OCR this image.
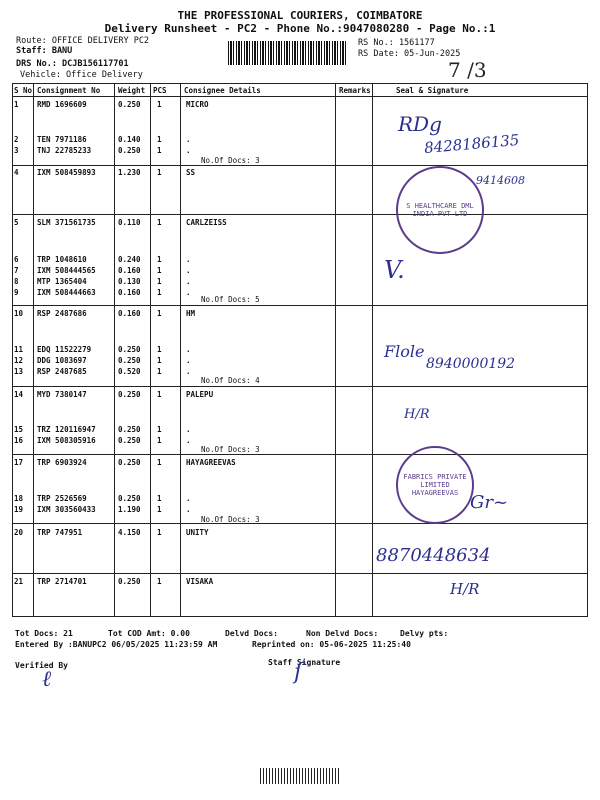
THE PROFESSIONAL COURIERS, COIMBATORE
Delivery Runsheet - PC2 - Phone No.:9047080280 - Page No.:1
Route: OFFICE DELIVERY PC2
Staff: BANU
DRS No.: DCJB156117701
Vehicle: Office Delivery
RS No.: 1561177
RS Date: 05-Jun-2025
7 /3
S No Consignment No Weight PCS Consignee Details	Remarks	Seal & Signature
1 RMD 1696609	0.250 1	MICRO
2 TEN 7971186	0.140 1	.
3 TNJ 22785233	0.250 1	.
4 IXM 508459893	1.230 1	SS
5 SLM 371561735	0.110 1	CARLZEISS
6 TRP 1048610	0.240 1	.
7 IXM 508444565	0.160 1	.
8 MTP 1365404	0.130 1	.
9 IXM 508444663	0.160 1	.
10 RSP 2487686	0.160 1	HM
11 EDQ 11522279	0.250 1	.
12 DDG 1083697	0.250 1	.
13 RSP 2487685	0.520 1	.
14 MYD 7380147	0.250 1	PALEPU
15 TRZ 120116947	0.250 1	.
16 IXM 508305916	0.250 1	.
17 TRP 6903924	0.250 1	HAYAGREEVAS
18 TRP 2526569	0.250 1	.
19 IXM 303560433	1.190 1	.
20 TRP 747951	4.150 1	UNITY
21 TRP 2714701	0.250 1	VISAKA
No.Of Docs: 3
No.Of Docs: 5
No.Of Docs: 4
No.Of Docs: 3
No.Of Docs: 3
RDg
8428186135
S HEALTHCARE DML INDIA PVT LTD
9414608
V.
Flole
8940000192
H/R
FABRICS PRIVATE LIMITED HAYAGREEVAS Gr~
8870448634
H/R
Tot Docs: 21	Tot COD Amt: 0.00	Delvd Docs:	Non Delvd Docs:	Delvy pts:
Entered By :BANUPC2 06/05/2025 11:23:59 AM	Reprinted on: 05-06-2025 11:25:40
Verified By	Staff Signature
ℓ	ſ
